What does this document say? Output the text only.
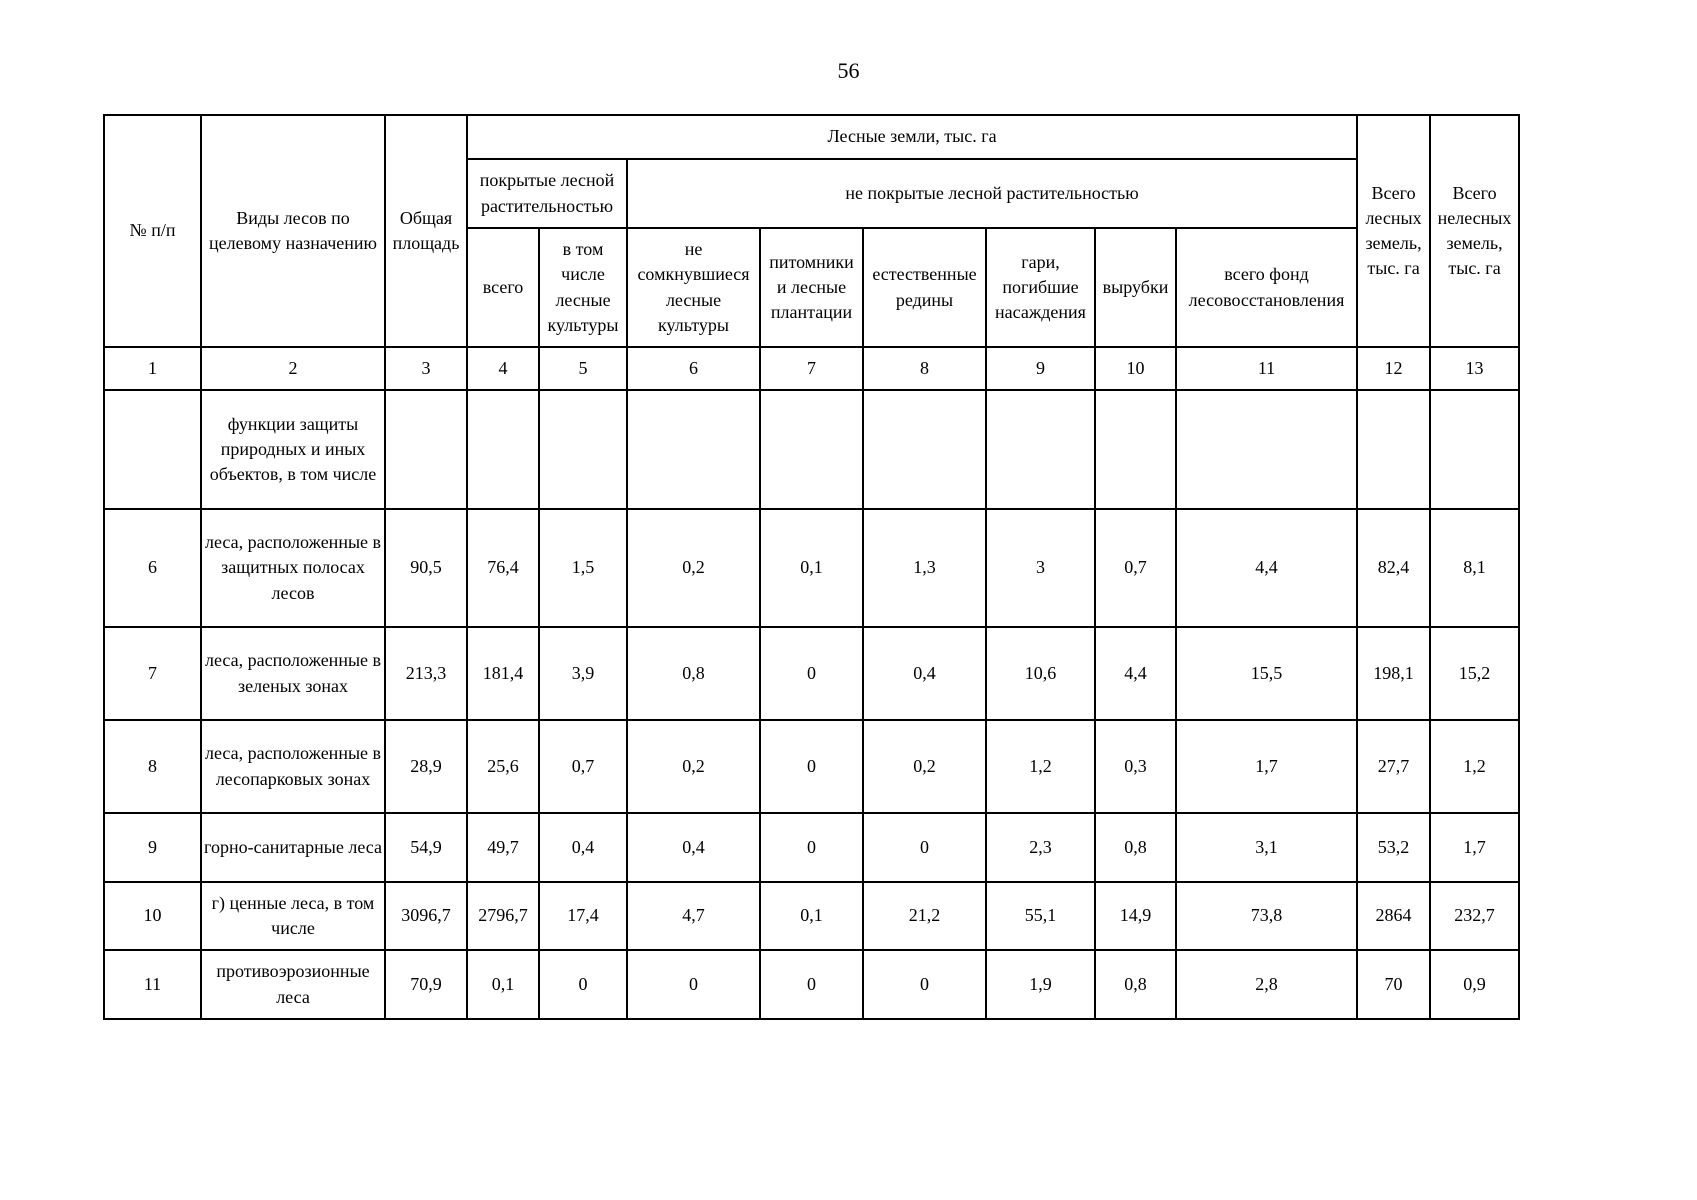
56
№ п/п	Виды лесов по целевому назначению	Общая площадь	Лесные земли, тыс. га								Всего лесных земель, тыс. га	Всего нелесных земель, тыс. га
			покрытые лесной растительностью		не покрытые лесной растительностью							
			всего	в том числе лесные культуры	не сомкнувшиеся лесные культуры	питомники и лесные плантации	естественные редины	гари, погибшие насаждения	вырубки	всего фонд лесовосстановления		
1	2	3	4	5	6	7	8	9	10	11	12	13
	функции защиты природных и иных объектов, в том числе											
6	леса, расположенные в защитных полосах лесов	90,5	76,4	1,5	0,2	0,1	1,3	3	0,7	4,4	82,4	8,1
7	леса, расположенные в зеленых зонах	213,3	181,4	3,9	0,8	0	0,4	10,6	4,4	15,5	198,1	15,2
8	леса, расположенные в лесопарковых зонах	28,9	25,6	0,7	0,2	0	0,2	1,2	0,3	1,7	27,7	1,2
9	горно-санитарные леса	54,9	49,7	0,4	0,4	0	0	2,3	0,8	3,1	53,2	1,7
10	г) ценные леса, в том числе	3096,7	2796,7	17,4	4,7	0,1	21,2	55,1	14,9	73,8	2864	232,7
11	противоэрозионные леса	70,9	0,1	0	0	0	0	1,9	0,8	2,8	70	0,9
